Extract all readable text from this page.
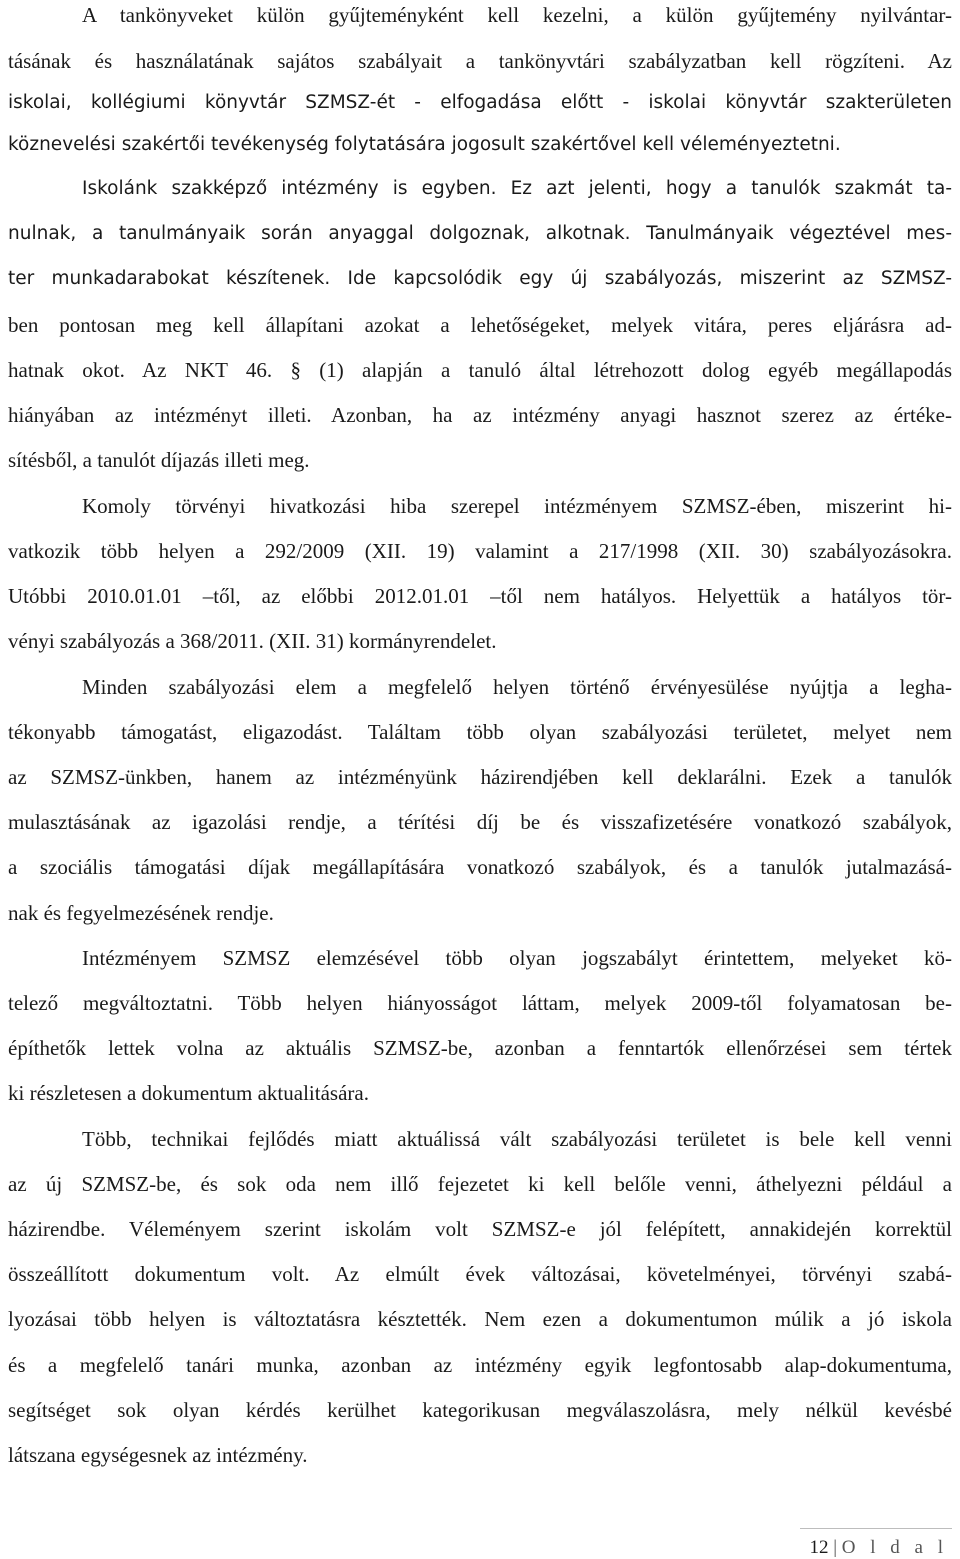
A tankönyveket külön gyűjteményként kell kezelni, a külön gyűjtemény nyilvántar-
tásának és használatának sajátos szabályait a tankönyvtári szabályzatban kell rögzíteni. Az
iskolai, kollégiumi könyvtár SZMSZ-ét - elfogadása előtt - iskolai könyvtár szakterületen
köznevelési szakértői tevékenység folytatására jogosult szakértővel kell véleményeztetni.
Iskolánk szakképző intézmény is egyben. Ez azt jelenti, hogy a tanulók szakmát ta-
nulnak, a tanulmányaik során anyaggal dolgoznak, alkotnak. Tanulmányaik végeztével mes-
ter munkadarabokat készítenek. Ide kapcsolódik egy új szabályozás, miszerint az SZMSZ-
ben pontosan meg kell állapítani azokat a lehetőségeket, melyek vitára, peres eljárásra ad-
hatnak okot. Az NKT 46. § (1) alapján a tanuló által létrehozott dolog egyéb megállapodás
hiányában az intézményt illeti. Azonban, ha az intézmény anyagi hasznot szerez az értéke-
sítésből, a tanulót díjazás illeti meg.
Komoly törvényi hivatkozási hiba szerepel intézményem SZMSZ-ében, miszerint hi-
vatkozik több helyen a 292/2009 (XII. 19) valamint a 217/1998 (XII. 30) szabályozásokra.
Utóbbi 2010.01.01 –től, az előbbi 2012.01.01 –től nem hatályos. Helyettük a hatályos tör-
vényi szabályozás a 368/2011. (XII. 31) kormányrendelet.
Minden szabályozási elem a megfelelő helyen történő érvényesülése nyújtja a legha-
tékonyabb támogatást, eligazodást. Találtam több olyan szabályozási területet, melyet nem
az SZMSZ-ünkben, hanem az intézményünk házirendjében kell deklarálni. Ezek a tanulók
mulasztásának az igazolási rendje, a térítési díj be és visszafizetésére vonatkozó szabályok,
a szociális támogatási díjak megállapítására vonatkozó szabályok, és a tanulók jutalmazásá-
nak és fegyelmezésének rendje.
Intézményem SZMSZ elemzésével több olyan jogszabályt érintettem, melyeket kö-
telező megváltoztatni. Több helyen hiányosságot láttam, melyek 2009-től folyamatosan be-
építhetők lettek volna az aktuális SZMSZ-be, azonban a fenntartók ellenőrzései sem tértek
ki részletesen a dokumentum aktualitására.
Több, technikai fejlődés miatt aktuálissá vált szabályozási területet is bele kell venni
az új SZMSZ-be, és sok oda nem illő fejezetet ki kell belőle venni, áthelyezni például a
házirendbe. Véleményem szerint iskolám volt SZMSZ-e jól felépített, annakidején korrektül
összeállított dokumentum volt. Az elmúlt évek változásai, követelményei, törvényi szabá-
lyozásai több helyen is változtatásra késztették. Nem ezen a dokumentumon múlik a jó iskola
és a megfelelő tanári munka, azonban az intézmény egyik legfontosabb alap-dokumentuma,
segítséget sok olyan kérdés kerülhet kategorikusan megválaszolásra, mely nélkül kevésbé
látszana egységesnek az intézmény.
12 | O l d a l
